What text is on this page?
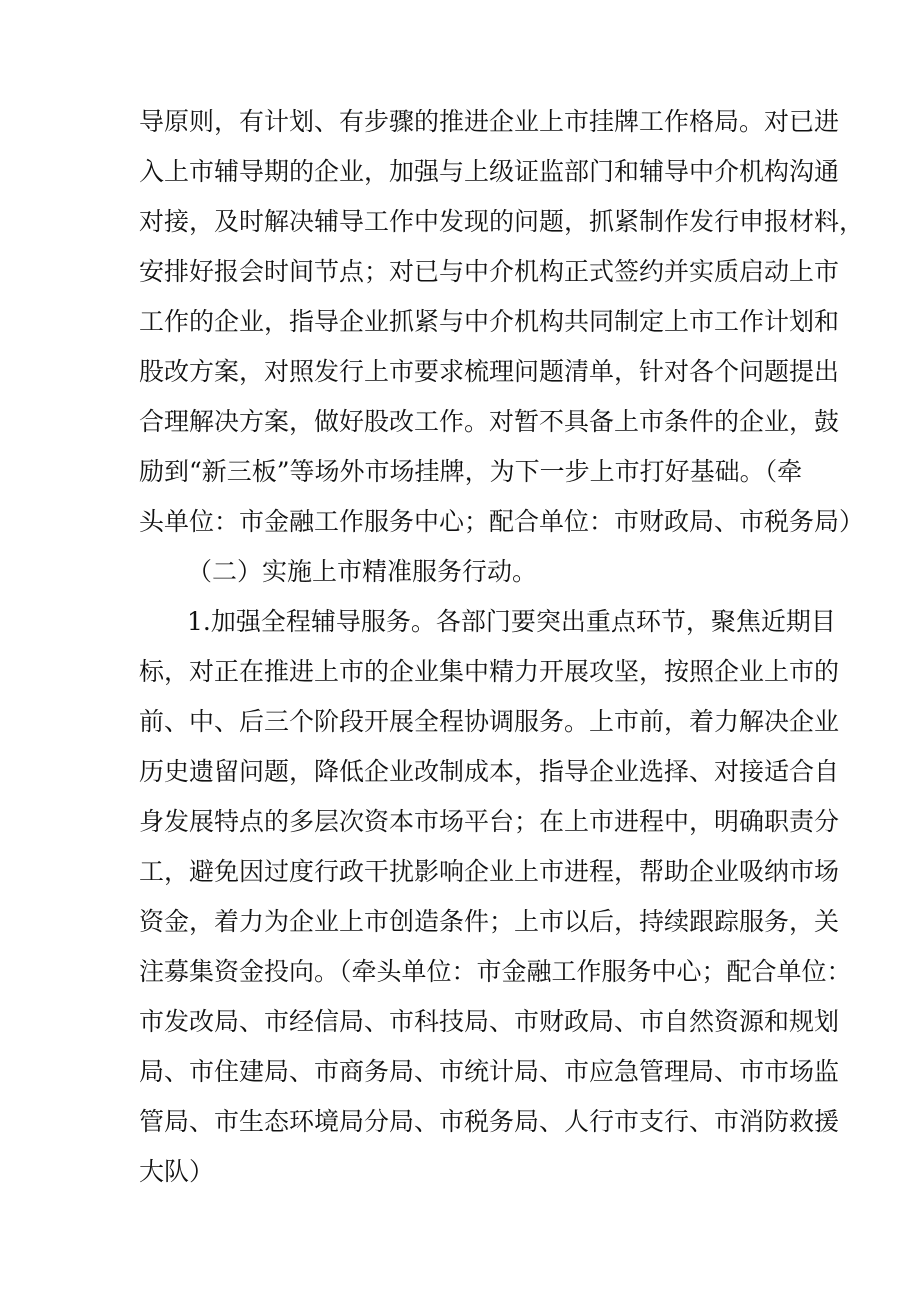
导原则，有计划、有步骤的推进企业上市挂牌工作格局。对已进
入上市辅导期的企业，加强与上级证监部门和辅导中介机构沟通
对接，及时解决辅导工作中发现的问题，抓紧制作发行申报材料，
安排好报会时间节点；对已与中介机构正式签约并实质启动上市
工作的企业，指导企业抓紧与中介机构共同制定上市工作计划和
股改方案，对照发行上市要求梳理问题清单，针对各个问题提出
合理解决方案，做好股改工作。对暂不具备上市条件的企业，鼓
励到“新三板”等场外市场挂牌，为下一步上市打好基础。（牵
头单位：市金融工作服务中心；配合单位：市财政局、市税务局）
（二）实施上市精准服务行动。
1.加强全程辅导服务。各部门要突出重点环节，聚焦近期目
标，对正在推进上市的企业集中精力开展攻坚，按照企业上市的
前、中、后三个阶段开展全程协调服务。上市前，着力解决企业
历史遗留问题，降低企业改制成本，指导企业选择、对接适合自
身发展特点的多层次资本市场平台；在上市进程中，明确职责分
工，避免因过度行政干扰影响企业上市进程，帮助企业吸纳市场
资金，着力为企业上市创造条件；上市以后，持续跟踪服务，关
注募集资金投向。（牵头单位：市金融工作服务中心；配合单位：
市发改局、市经信局、市科技局、市财政局、市自然资源和规划
局、市住建局、市商务局、市统计局、市应急管理局、市市场监
管局、市生态环境局分局、市税务局、人行市支行、市消防救援
大队）
